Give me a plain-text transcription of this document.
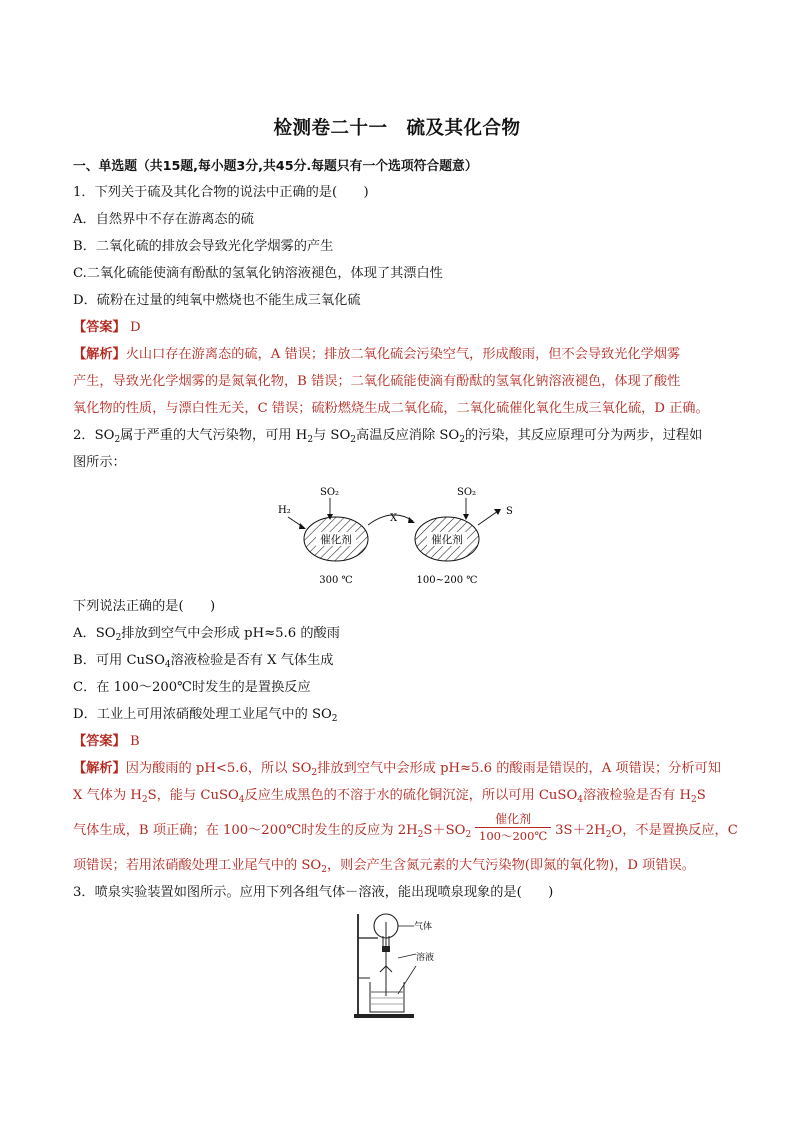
检测卷二十一　硫及其化合物
一、单选题（共15题,每小题3分,共45分.每题只有一个选项符合题意）
1．下列关于硫及其化合物的说法中正确的是(　　)
A．自然界中不存在游离态的硫
B．二氧化硫的排放会导致光化学烟雾的产生
C.二氧化硫能使滴有酚酞的氢氧化钠溶液褪色，体现了其漂白性
D．硫粉在过量的纯氧中燃烧也不能生成三氧化硫
【答案】 D
【解析】火山口存在游离态的硫，A 错误；排放二氧化硫会污染空气，形成酸雨，但不会导致光化学烟雾
产生，导致光化学烟雾的是氮氧化物，B 错误；二氧化硫能使滴有酚酞的氢氧化钠溶液褪色，体现了酸性
氧化物的性质，与漂白性无关，C 错误；硫粉燃烧生成二氧化硫，二氧化硫催化氧化生成三氧化硫，D 正确。
2．$SO_2$属于严重的大气污染物，可用 $H_2$与 $SO_2$高温反应消除 $SO_2$的污染，其反应原理可分为两步，过程如
图所示：
H₂
SO₂
催化剂
X
SO₂
催化剂
S
300 ℃	100~200 ℃
下列说法正确的是(　　)
A．$SO_2$排放到空气中会形成 pH≈5.6 的酸雨
B．可用 CuSO$_4$溶液检验是否有 X 气体生成
C．在 100～200℃时发生的是置换反应
D．工业上可用浓硝酸处理工业尾气中的 $SO_2$
【答案】 B
【解析】因为酸雨的 pH<5.6，所以 $SO_2$排放到空气中会形成 pH≈5.6 的酸雨是错误的，A 项错误；分析可知
X 气体为 $H_2S$，能与 CuSO$_4$反应生成黑色的不溶于水的硫化铜沉淀，所以可用 CuSO$_4$溶液检验是否有 $H_2S$
气体生成，B 项正确；在 100～200℃时发生的反应为 $2H_2S+SO_2$
催化剂
100～200℃ $3S+2H_2O$，不是置换反应，C
项错误；若用浓硝酸处理工业尾气中的 $SO_2$，则会产生含氮元素的大气污染物(即氮的氧化物)，D 项错误。
3．喷泉实验装置如图所示。应用下列各组气体－溶液，能出现喷泉现象的是(　　)
气体
溶液
